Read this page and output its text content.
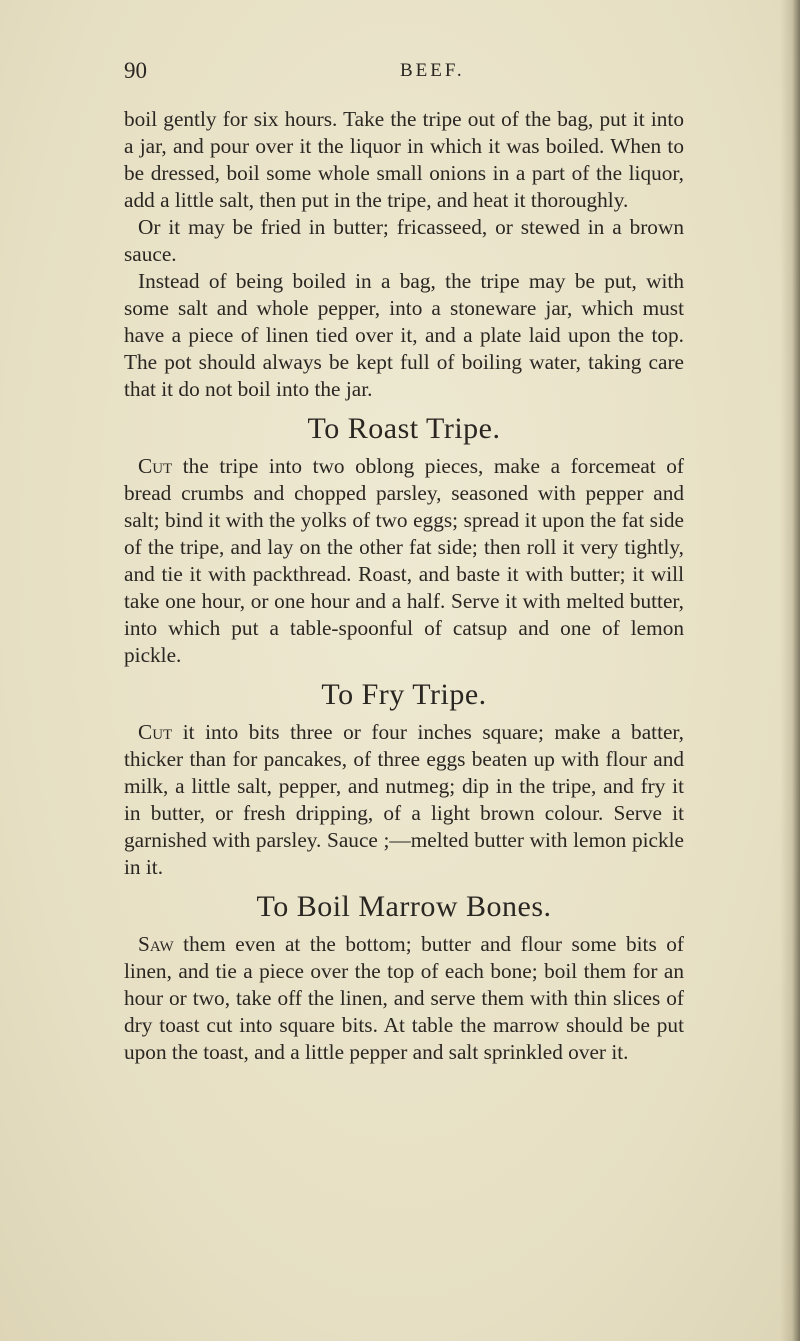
90	BEEF.

boil gently for six hours. Take the tripe out of the bag, put it into a jar, and pour over it the liquor in which it was boiled. When to be dressed, boil some whole small onions in a part of the liquor, add a little salt, then put in the tripe, and heat it thoroughly.

Or it may be fried in butter; fricasseed, or stewed in a brown sauce.

Instead of being boiled in a bag, the tripe may be put, with some salt and whole pepper, into a stoneware jar, which must have a piece of linen tied over it, and a plate laid upon the top. The pot should always be kept full of boiling water, taking care that it do not boil into the jar.

To Roast Tripe.

Cut the tripe into two oblong pieces, make a forcemeat of bread crumbs and chopped parsley, seasoned with pepper and salt; bind it with the yolks of two eggs; spread it upon the fat side of the tripe, and lay on the other fat side; then roll it very tightly, and tie it with packthread. Roast, and baste it with butter; it will take one hour, or one hour and a half. Serve it with melted butter, into which put a table-spoonful of catsup and one of lemon pickle.

To Fry Tripe.

Cut it into bits three or four inches square; make a batter, thicker than for pancakes, of three eggs beaten up with flour and milk, a little salt, pepper, and nutmeg; dip in the tripe, and fry it in butter, or fresh dripping, of a light brown colour. Serve it garnished with parsley. Sauce ;—melted butter with lemon pickle in it.

To Boil Marrow Bones.

Saw them even at the bottom; butter and flour some bits of linen, and tie a piece over the top of each bone; boil them for an hour or two, take off the linen, and serve them with thin slices of dry toast cut into square bits. At table the marrow should be put upon the toast, and a little pepper and salt sprinkled over it.
